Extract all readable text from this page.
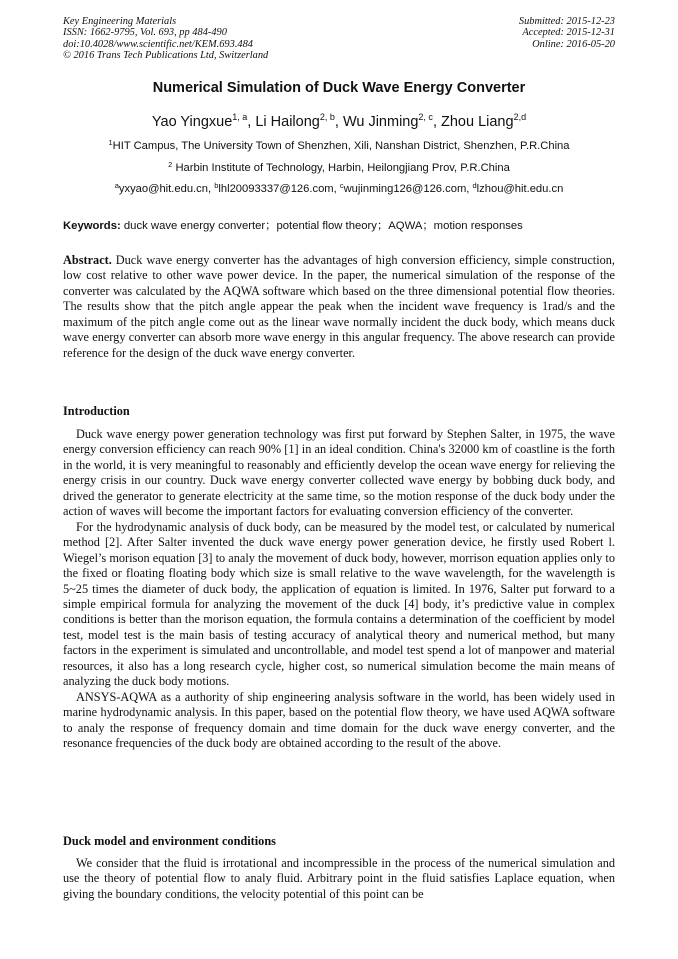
Key Engineering Materials
ISSN: 1662-9795, Vol. 693, pp 484-490
doi:10.4028/www.scientific.net/KEM.693.484
© 2016 Trans Tech Publications Ltd, Switzerland
Submitted: 2015-12-23
Accepted: 2015-12-31
Online: 2016-05-20
Numerical Simulation of Duck Wave Energy Converter
Yao Yingxue$^{1, a}$, Li Hailong$^{2, b}$, Wu Jinming$^{2, c}$, Zhou Liang$^{2,d}$
$^1$HIT Campus, The University Town of Shenzhen, Xili, Nanshan District, Shenzhen, P.R.China
$^2$ Harbin Institute of Technology, Harbin, Heilongjiang Prov, P.R.China
$^a$yxyao@hit.edu.cn, $^b$lhl20093337@126.com, $^c$wujinming126@126.com, $^d$lzhou@hit.edu.cn
Keywords: duck wave energy converter；potential flow theory；AQWA；motion responses

Abstract. Duck wave energy converter has the advantages of high conversion efficiency, simple construction, low cost relative to other wave power device. In the paper, the numerical simulation of the response of the converter was calculated by the AQWA software which based on the three dimensional potential flow theories. The results show that the pitch angle appear the peak when the incident wave frequency is 1rad/s and the maximum of the pitch angle come out as the linear wave normally incident the duck body, which means duck wave energy converter can absorb more wave energy in this angular frequency. The above research can provide reference for the design of the duck wave energy converter.

Introduction

Duck wave energy power generation technology was first put forward by Stephen Salter, in 1975, the wave energy conversion efficiency can reach 90% [1] in an ideal condition. China's 32000 km of coastline is the forth in the world, it is very meaningful to reasonably and efficiently develop the ocean wave energy for relieving the energy crisis in our country. Duck wave energy converter collected wave energy by bobbing duck body, and drived the generator to generate electricity at the same time, so the motion response of the duck body under the action of waves will become the important factors for evaluating conversion efficiency of the converter.

For the hydrodynamic analysis of duck body, can be measured by the model test, or calculated by numerical method [2]. After Salter invented the duck wave energy power generation device, he firstly used Robert l. Wiegel’s morison equation [3] to analy the movement of duck body, however, morrison equation applies only to the fixed or floating floating body which size is small relative to the wave wavelength, for the wavelength is 5~25 times the diameter of duck body, the application of equation is limited. In 1976, Salter put forward to a simple empirical formula for analyzing the movement of the duck [4] body, it’s predictive value in complex conditions is better than the morison equation, the formula contains a determination of the coefficient by model test, model test is the main basis of testing accuracy of analytical theory and numerical method, but many factors in the experiment is simulated and uncontrollable, and model test spend a lot of manpower and material resources, it also has a long research cycle, higher cost, so numerical simulation become the main means of analyzing the duck body motions.

ANSYS-AQWA as a authority of ship engineering analysis software in the world, has been widely used in marine hydrodynamic analysis. In this paper, based on the potential flow theory, we have used AQWA software to analy the response of frequency domain and time domain for the duck wave energy converter, and the resonance frequencies of the duck body are obtained according to the result of the above.

Duck model and environment conditions

We consider that the fluid is irrotational and incompressible in the process of the numerical simulation and use the theory of potential flow to analy fluid. Arbitrary point in the fluid satisfies Laplace equation, when giving the boundary conditions, the velocity potential of this point can be
